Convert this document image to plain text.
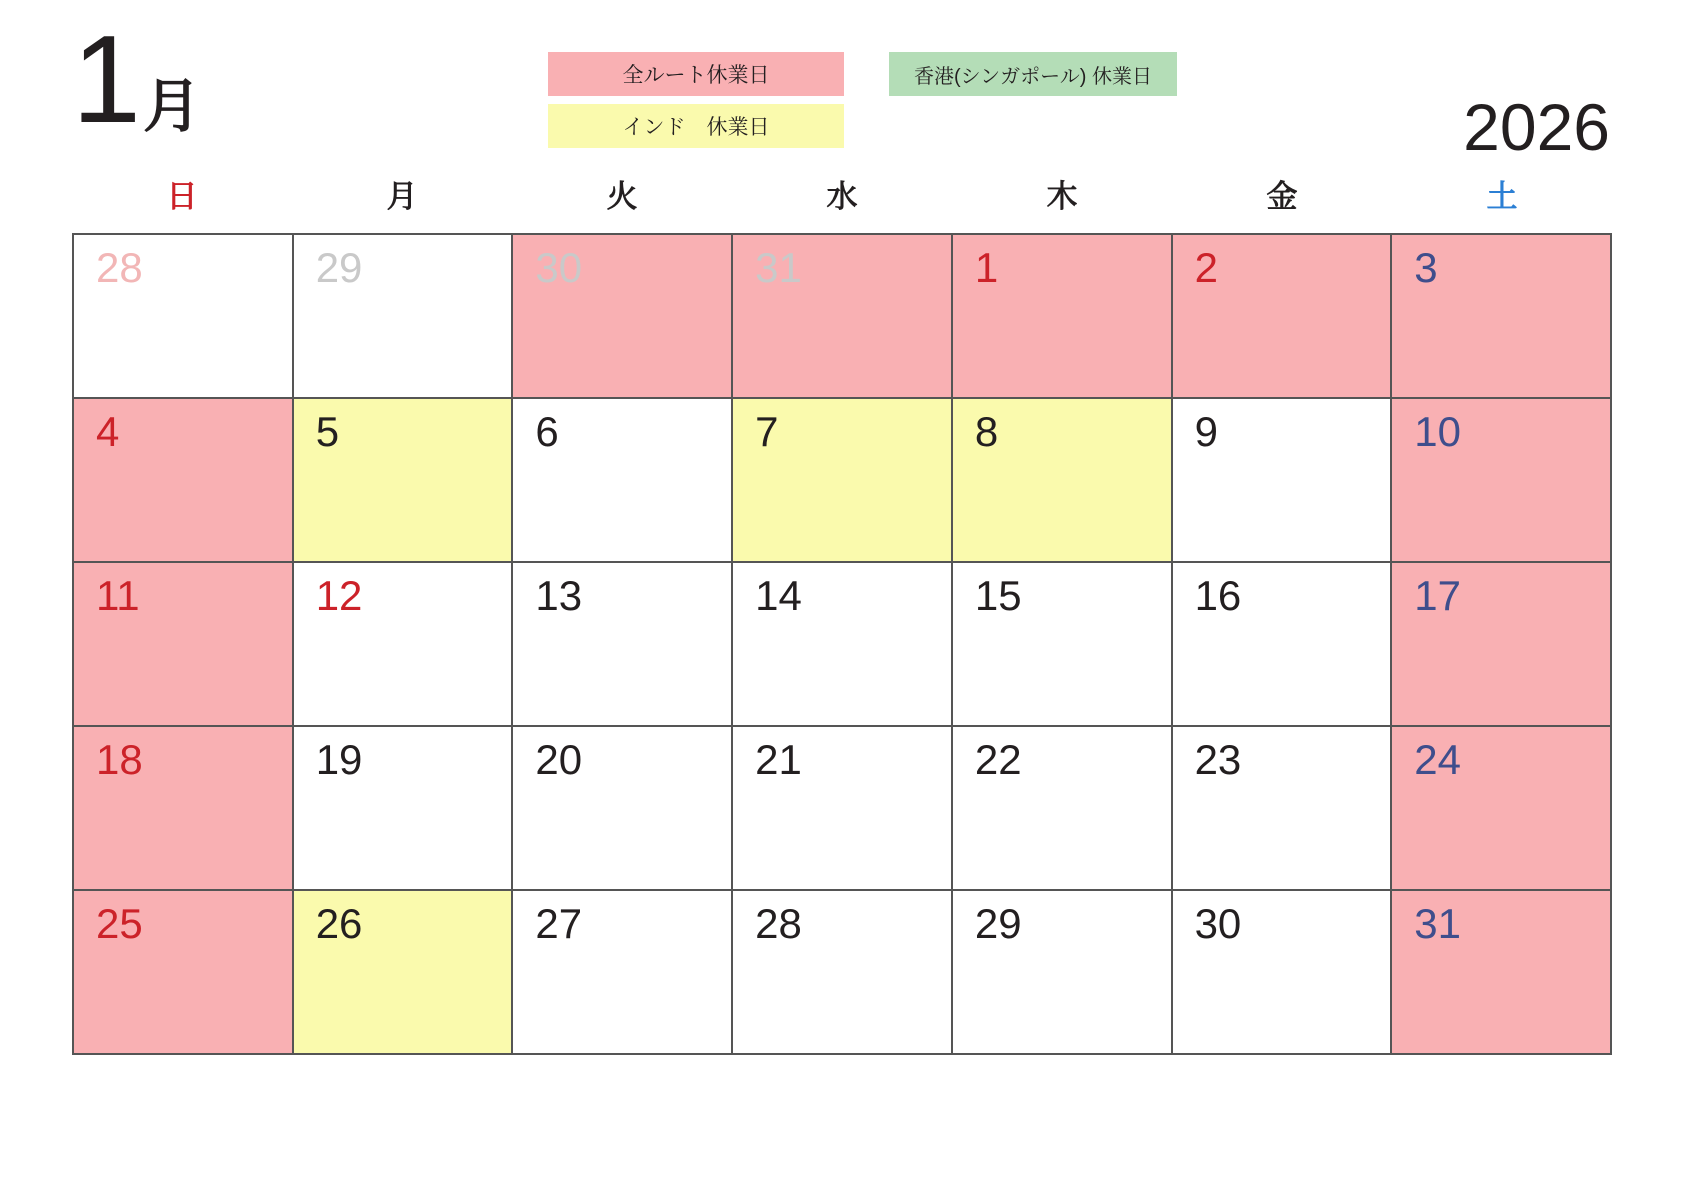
1 月	全ルート休業日	香港(シンガポール) 休業日
インド　休業日	2026
日	月	火	水	木	金	土
28	29	30	31	1	2	3
4	5	6	7	8	9	10
11	12	13	14	15	16	17
18	19	20	21	22	23	24
25	26	27	28	29	30	31
